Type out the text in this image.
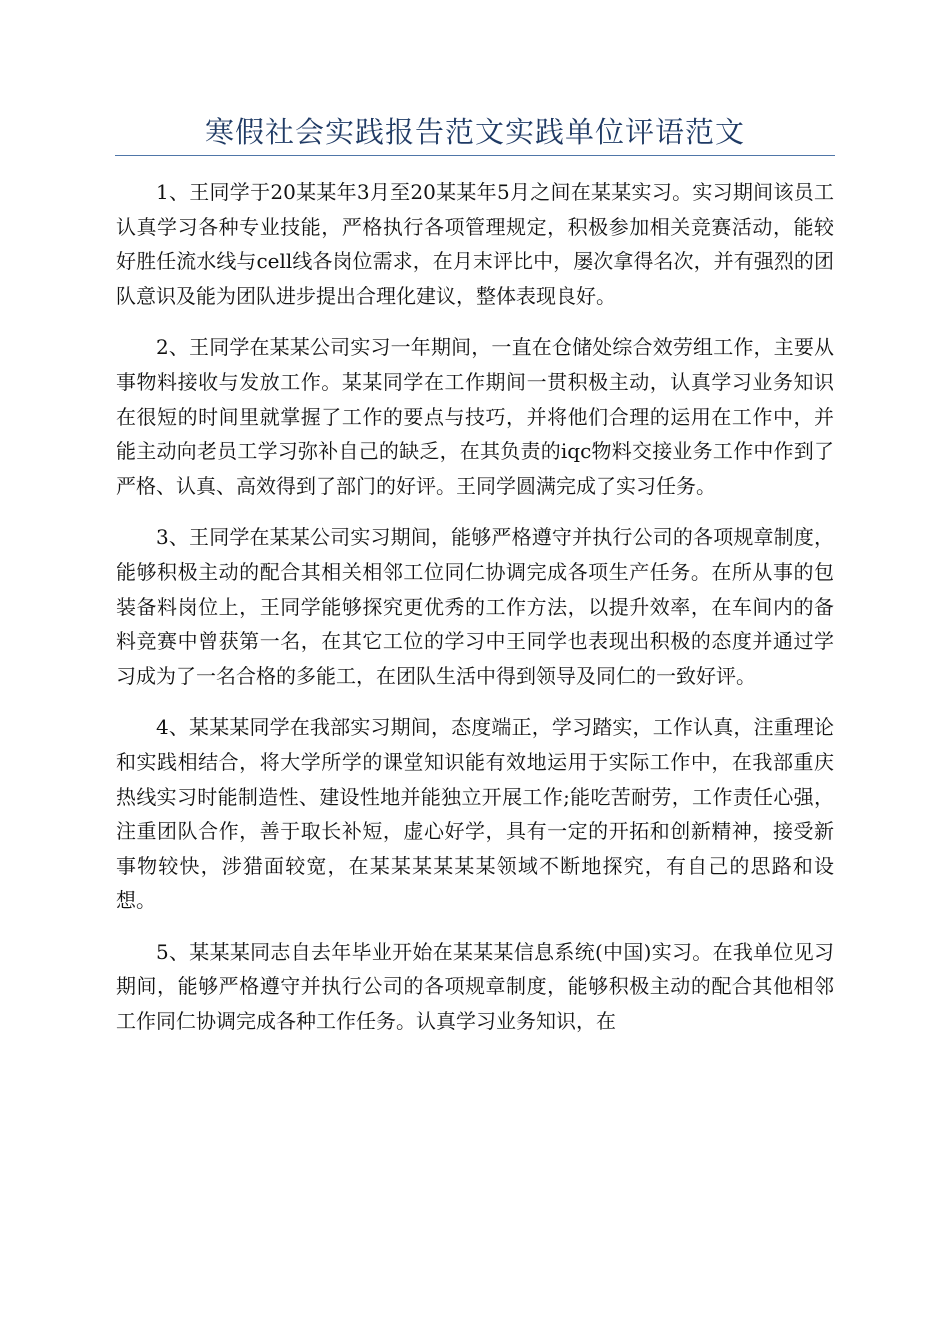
寒假社会实践报告范文实践单位评语范文

1、王同学于20某某年3月至20某某年5月之间在某某实习。实习期间该员工认真学习各种专业技能，严格执行各项管理规定，积极参加相关竞赛活动，能较好胜任流水线与cell线各岗位需求，在月末评比中，屡次拿得名次，并有强烈的团队意识及能为团队进步提出合理化建议，整体表现良好。

2、王同学在某某公司实习一年期间，一直在仓储处综合效劳组工作，主要从事物料接收与发放工作。某某同学在工作期间一贯积极主动，认真学习业务知识在很短的时间里就掌握了工作的要点与技巧，并将他们合理的运用在工作中，并能主动向老员工学习弥补自己的缺乏，在其负责的iqc物料交接业务工作中作到了严格、认真、高效得到了部门的好评。王同学圆满完成了实习任务。

3、王同学在某某公司实习期间，能够严格遵守并执行公司的各项规章制度，能够积极主动的配合其相关相邻工位同仁协调完成各项生产任务。在所从事的包装备料岗位上，王同学能够探究更优秀的工作方法，以提升效率，在车间内的备料竞赛中曾获第一名，在其它工位的学习中王同学也表现出积极的态度并通过学习成为了一名合格的多能工，在团队生活中得到领导及同仁的一致好评。

4、某某某同学在我部实习期间，态度端正，学习踏实，工作认真，注重理论和实践相结合，将大学所学的课堂知识能有效地运用于实际工作中，在我部重庆热线实习时能制造性、建设性地并能独立开展工作;能吃苦耐劳，工作责任心强，注重团队合作，善于取长补短，虚心好学，具有一定的开拓和创新精神，接受新事物较快，涉猎面较宽，在某某某某某某领域不断地探究，有自己的思路和设想。

5、某某某同志自去年毕业开始在某某某信息系统(中国)实习。在我单位见习期间，能够严格遵守并执行公司的各项规章制度，能够积极主动的配合其他相邻工作同仁协调完成各种工作任务。认真学习业务知识，在
